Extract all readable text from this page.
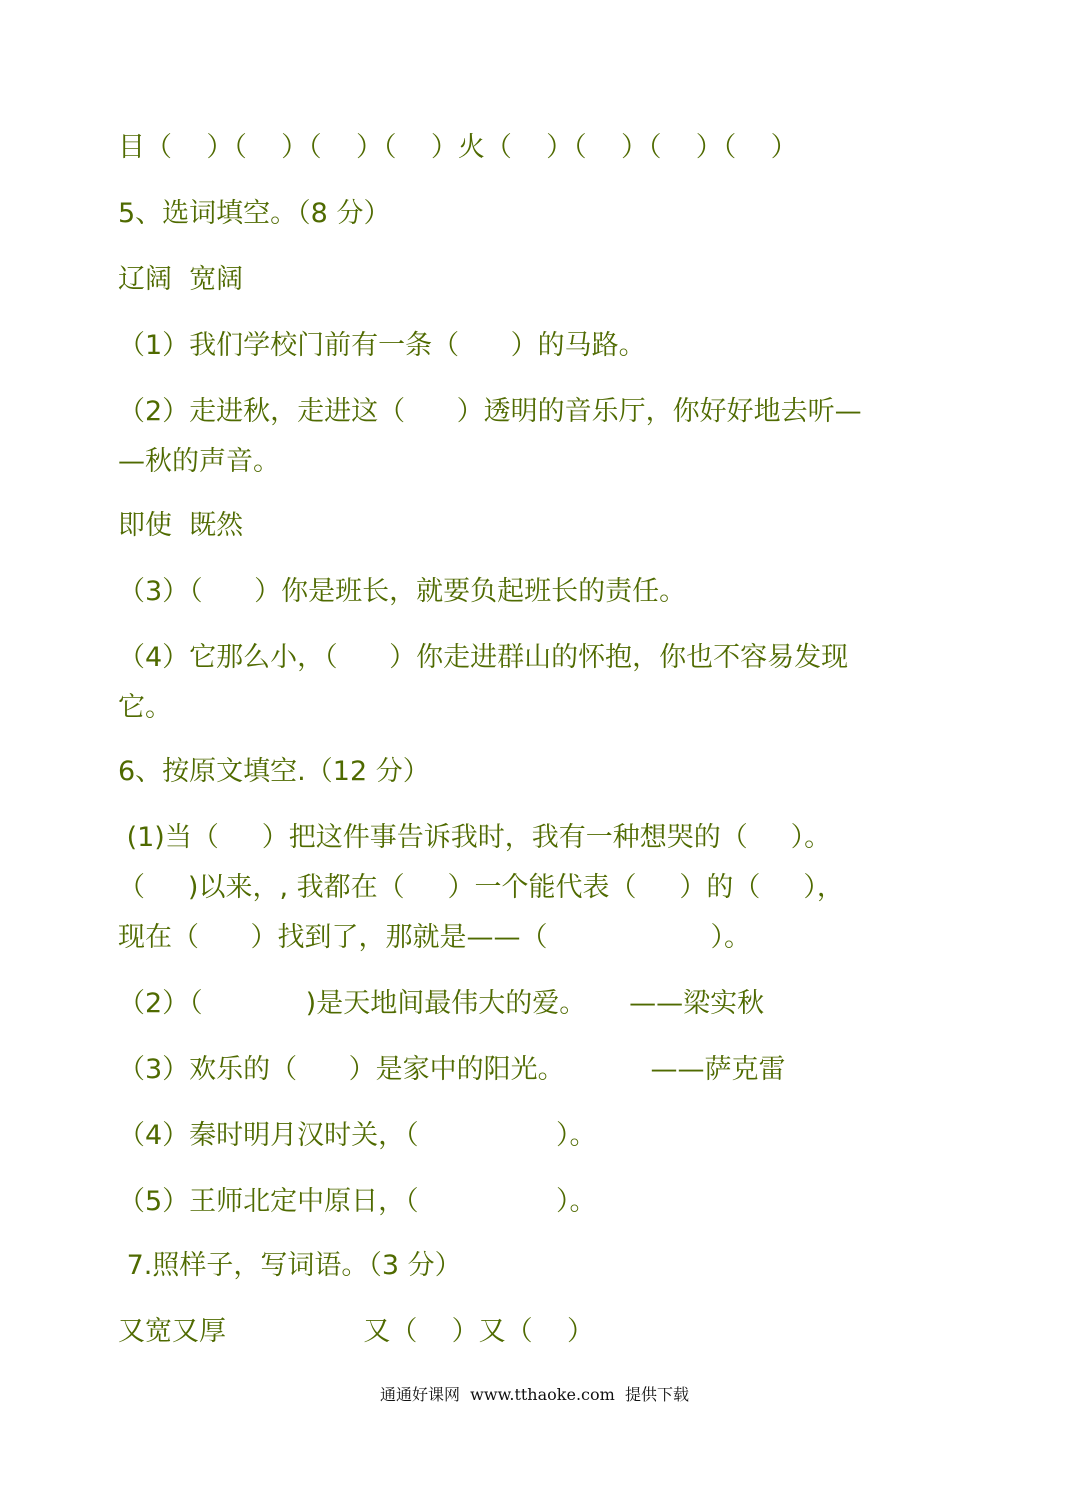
目（    ）（    ）（    ）（    ）火（    ）（    ）（    ）（    ）
5、选词填空。（8 分）
辽阔  宽阔
（1）我们学校门前有一条（      ）的马路。
（2）走进秋，走进这（      ）透明的音乐厅，你好好地去听—
—秋的声音。
即使  既然
（3）（      ）你是班长，就要负起班长的责任。
（4）它那么小，（      ）你走进群山的怀抱，你也不容易发现
它。
6、按原文填空.（12 分）
(1)当（     ）把这件事告诉我时，我有一种想哭的（     ）。
（     )以来，, 我都在（     ）一个能代表（     ）的（     ），
现在（      ）找到了，那就是——（                   ）。
（2）（            )是天地间最伟大的爱。     ——梁实秋
（3）欢乐的（      ）是家中的阳光。          ——萨克雷
（4）秦时明月汉时关，（                ）。
（5）王师北定中原日，（                ）。
7.照样子，写词语。（3 分）
又宽又厚                又（    ）又（    ）
通通好课网  www.tthaoke.com  提供下载
